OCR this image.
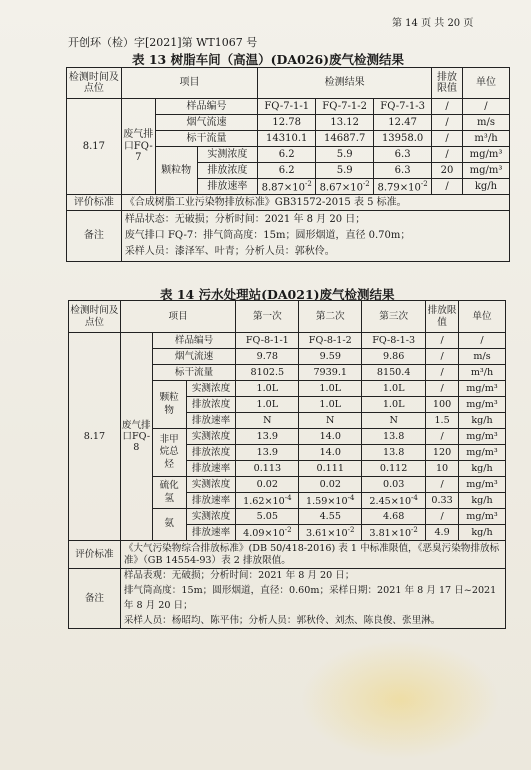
第 14 页 共 20 页
开创环（检）字[2021]第 WT1067 号
表 13 树脂车间（高温）(DA026)废气检测结果
检测时间及点位	项目			检测结果			排放限值	单位
8.17	废气排口FQ-7	样品编号		FQ-7-1-1	FQ-7-1-2	FQ-7-1-3	/	/
		烟气流速		12.78	13.12	12.47	/	m/s
		标干流量		14310.1	14687.7	13958.0	/	m³/h
		颗粒物	实测浓度	6.2	5.9	6.3	/	mg/m³
			排放浓度	6.2	5.9	6.3	20	mg/m³
			排放速率	$8.87\times 10^{-2}$	$8.67\times 10^{-2}$	$8.79\times 10^{-2}$	/	kg/h
评价标准	《合成树脂工业污染物排放标准》GB31572-2015 表 5 标准。							
备注	样品状态：无破损；分析时间：2021 年 8 月 20 日；
废气排口 FQ-7：排气筒高度：15m；圆形烟道，直径 0.70m；
采样人员：漆泽军、叶青；分析人员：郭秋伶。							
表 14 污水处理站(DA021)废气检测结果
检测时间及点位	项目			第一次	第二次	第三次	排放限值	单位
8.17	废气排口FQ-8	样品编号		FQ-8-1-1	FQ-8-1-2	FQ-8-1-3	/	/
		烟气流速		9.78	9.59	9.86	/	m/s
		标干流量		8102.5	7939.1	8150.4	/	m³/h
		颗粒物	实测浓度	1.0L	1.0L	1.0L	/	mg/m³
			排放浓度	1.0L	1.0L	1.0L	100	mg/m³
			排放速率	N	N	N	1.5	kg/h
		非甲烷总烃	实测浓度	13.9	14.0	13.8	/	mg/m³
			排放浓度	13.9	14.0	13.8	120	mg/m³
			排放速率	0.113	0.111	0.112	10	kg/h
		硫化氢	实测浓度	0.02	0.02	0.03	/	mg/m³
			排放速率	$1.62\times 10^{-4}$	$1.59\times 10^{-4}$	$2.45\times 10^{-4}$	0.33	kg/h
		氨	实测浓度	5.05	4.55	4.68	/	mg/m³
			排放速率	$4.09\times 10^{-2}$	$3.61\times 10^{-2}$	$3.81\times 10^{-2}$	4.9	kg/h
评价标准	《大气污染物综合排放标准》(DB 50/418-2016) 表 1 中标准限值，《恶臭污染物排放标准》（GB 14554-93）表 2 排放限值。							
备注	样品表观：无破损；分析时间：2021 年 8 月 20 日；
排气筒高度：15m；圆形烟道，直径：0.60m；采样日期：2021 年 8 月 17 日~2021 年 8 月 20 日；
采样人员：杨昭均、陈平伟；分析人员：郭秋伶、刘杰、陈良俊、张里淋。							
